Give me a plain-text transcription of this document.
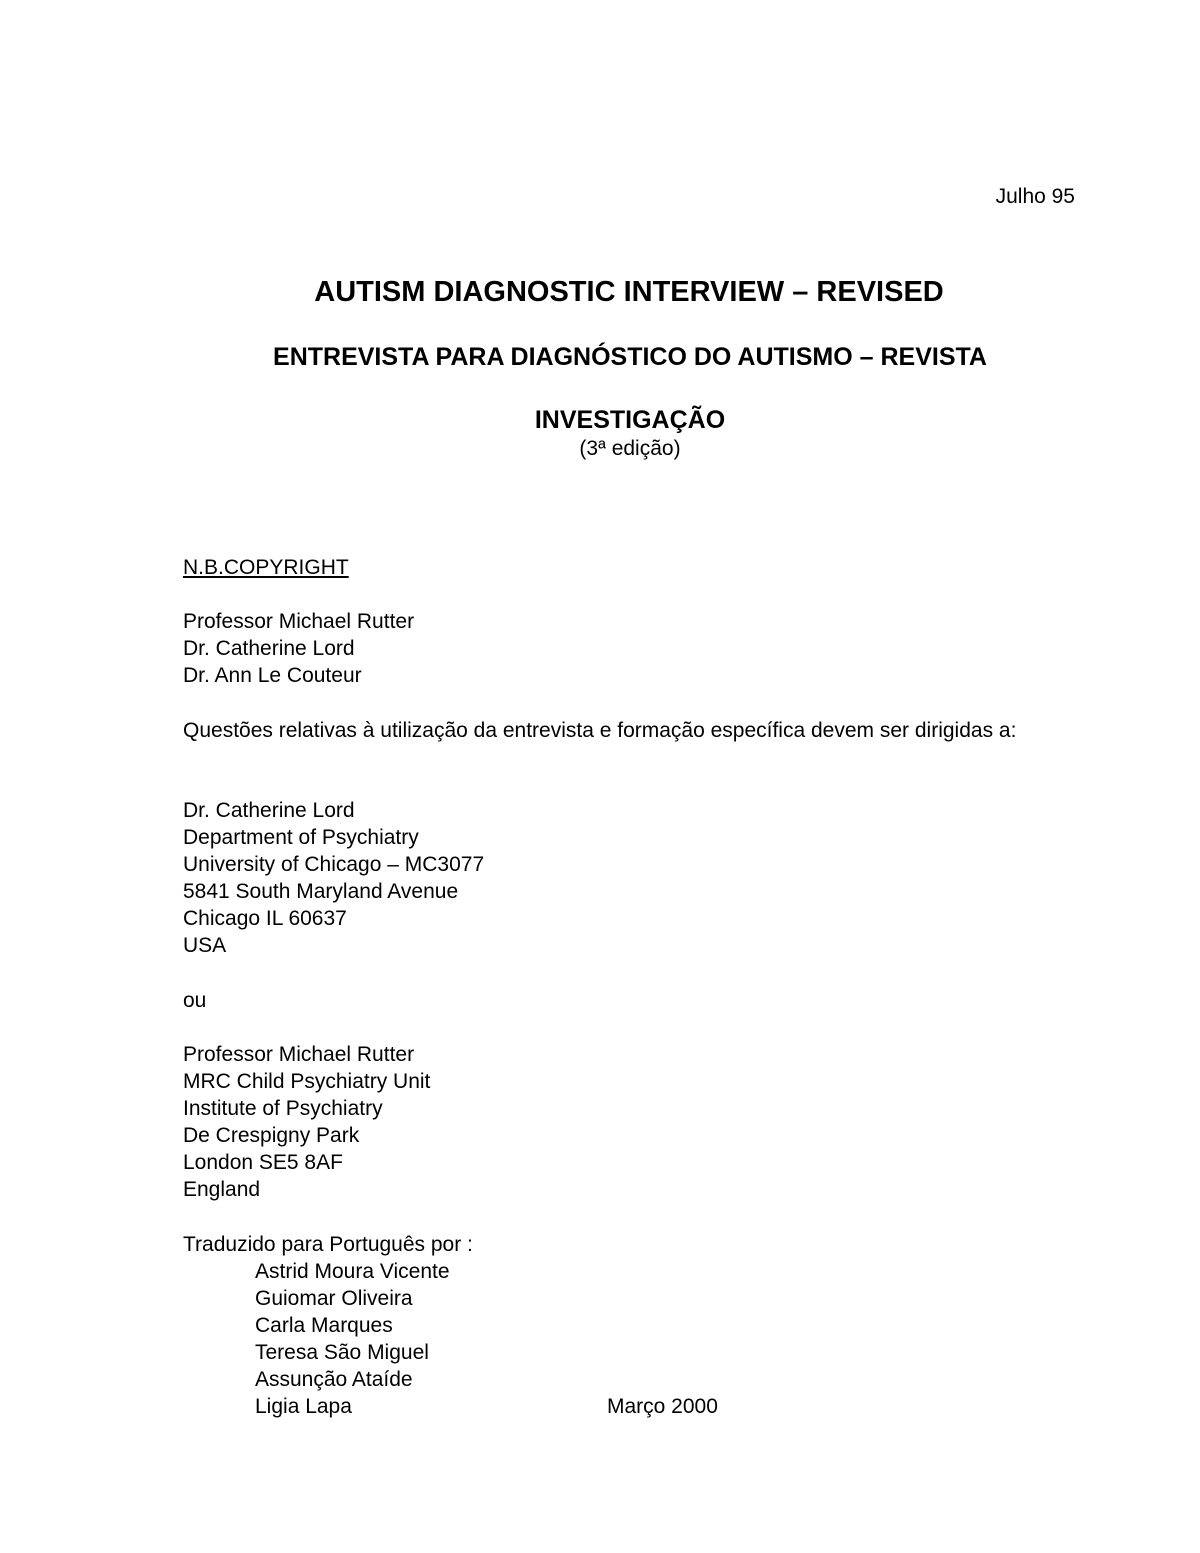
Julho 95
AUTISM DIAGNOSTIC INTERVIEW – REVISED
ENTREVISTA PARA DIAGNÓSTICO DO AUTISMO – REVISTA
INVESTIGAÇÃO
(3ª edição)
N.B.COPYRIGHT
Professor Michael Rutter
Dr. Catherine Lord
Dr. Ann Le Couteur
Questões relativas à utilização da entrevista e formação específica devem ser dirigidas a:
Dr. Catherine Lord
Department of Psychiatry
University of Chicago – MC3077
5841 South Maryland Avenue
Chicago IL 60637
USA
ou
Professor Michael Rutter
MRC Child Psychiatry Unit
Institute of Psychiatry
De Crespigny Park
London SE5 8AF
England
Traduzido para Português por :
Astrid Moura Vicente
Guiomar Oliveira
Carla Marques
Teresa São Miguel
Assunção Ataíde
Ligia Lapa	Março 2000
